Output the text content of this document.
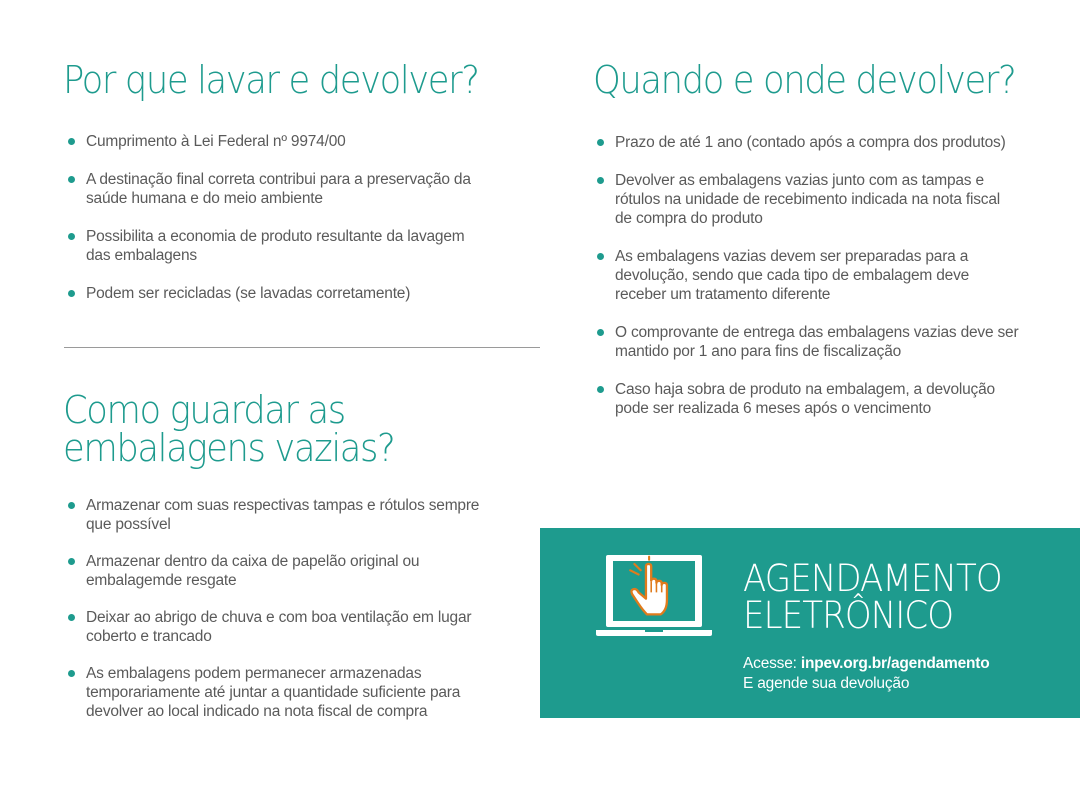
Por que lavar e devolver?
Cumprimento à Lei Federal nº 9974/00
A destinação final correta contribui para a preservação da
saúde humana e do meio ambiente
Possibilita a economia de produto resultante da lavagem
das embalagens
Podem ser recicladas (se lavadas corretamente)
Como guardar as
embalagens vazias?
Armazenar com suas respectivas tampas e rótulos sempre
que possível
Armazenar dentro da caixa de papelão original ou
embalagemde resgate
Deixar ao abrigo de chuva e com boa ventilação em lugar
coberto e trancado
As embalagens podem permanecer armazenadas
temporariamente até juntar a quantidade suficiente para
devolver ao local indicado na nota fiscal de compra
Quando e onde devolver?
Prazo de até 1 ano (contado após a compra dos produtos)
Devolver as embalagens vazias junto com as tampas e
rótulos na unidade de recebimento indicada na nota fiscal
de compra do produto
As embalagens vazias devem ser preparadas para a
devolução, sendo que cada tipo de embalagem deve
receber um tratamento diferente
O comprovante de entrega das embalagens vazias deve ser
mantido por 1 ano para fins de fiscalização
Caso haja sobra de produto na embalagem, a devolução
pode ser realizada 6 meses após o vencimento
AGENDAMENTO
ELETRÔNICO
Acesse: inpev.org.br/agendamento
E agende sua devolução
